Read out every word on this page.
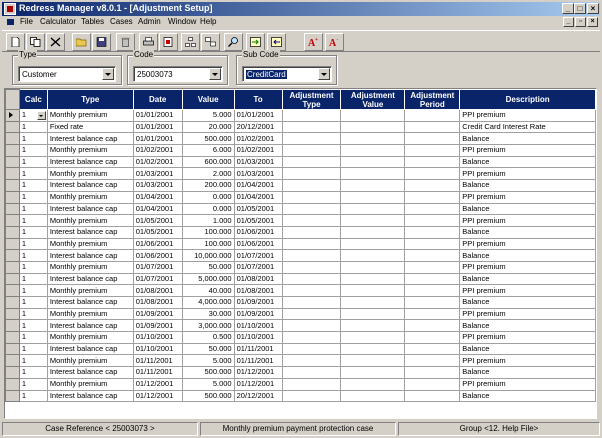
Redress Manager v8.0.1 - [Adjustment Setup]	_ □	×
File Calculator Tables Cases Admin Window Help	_	▫	×
A + A -
Type
Customer
Code
25003073
Sub Code
CreditCard
	Calc	Type	Date	Value	To	Adjustment Type	Adjustment Value	Adjustment Period	Description

	1	Monthly premium	01/01/2001	5.000	01/01/2001				PPI premium
	1	Fixed rate	01/01/2001	20.000	20/12/2001				Credit Card Interest Rate
	1	Interest balance cap	01/01/2001	500.000	01/02/2001				Balance
	1	Monthly premium	01/02/2001	6.000	01/02/2001				PPI premium
	1	Interest balance cap	01/02/2001	600.000	01/03/2001				Balance
	1	Monthly premium	01/03/2001	2.000	01/03/2001				PPI premium
	1	Interest balance cap	01/03/2001	200.000	01/04/2001				Balance
	1	Monthly premium	01/04/2001	0.000	01/04/2001				PPI premium
	1	Interest balance cap	01/04/2001	0.000	01/05/2001				Balance
	1	Monthly premium	01/05/2001	1.000	01/05/2001				PPI premium
	1	Interest balance cap	01/05/2001	100.000	01/06/2001				Balance
	1	Monthly premium	01/06/2001	100.000	01/06/2001				PPI premium
	1	Interest balance cap	01/06/2001	10,000.000	01/07/2001				Balance
	1	Monthly premium	01/07/2001	50.000	01/07/2001				PPI premium
	1	Interest balance cap	01/07/2001	5,000.000	01/08/2001				Balance
	1	Monthly premium	01/08/2001	40.000	01/08/2001				PPI premium
	1	Interest balance cap	01/08/2001	4,000.000	01/09/2001				Balance
	1	Monthly premium	01/09/2001	30.000	01/09/2001				PPI premium
	1	Interest balance cap	01/09/2001	3,000.000	01/10/2001				Balance
	1	Monthly premium	01/10/2001	0.500	01/10/2001				PPI premium
	1	Interest balance cap	01/10/2001	50.000	01/11/2001				Balance
	1	Monthly premium	01/11/2001	5.000	01/11/2001				PPI premium
	1	Interest balance cap	01/11/2001	500.000	01/12/2001				Balance
	1	Monthly premium	01/12/2001	5.000	01/12/2001				PPI premium
	1	Interest balance cap	01/12/2001	500.000	20/12/2001				Balance
Case Reference < 25003073 >	Monthly premium payment protection case	Group <12. Help File>
